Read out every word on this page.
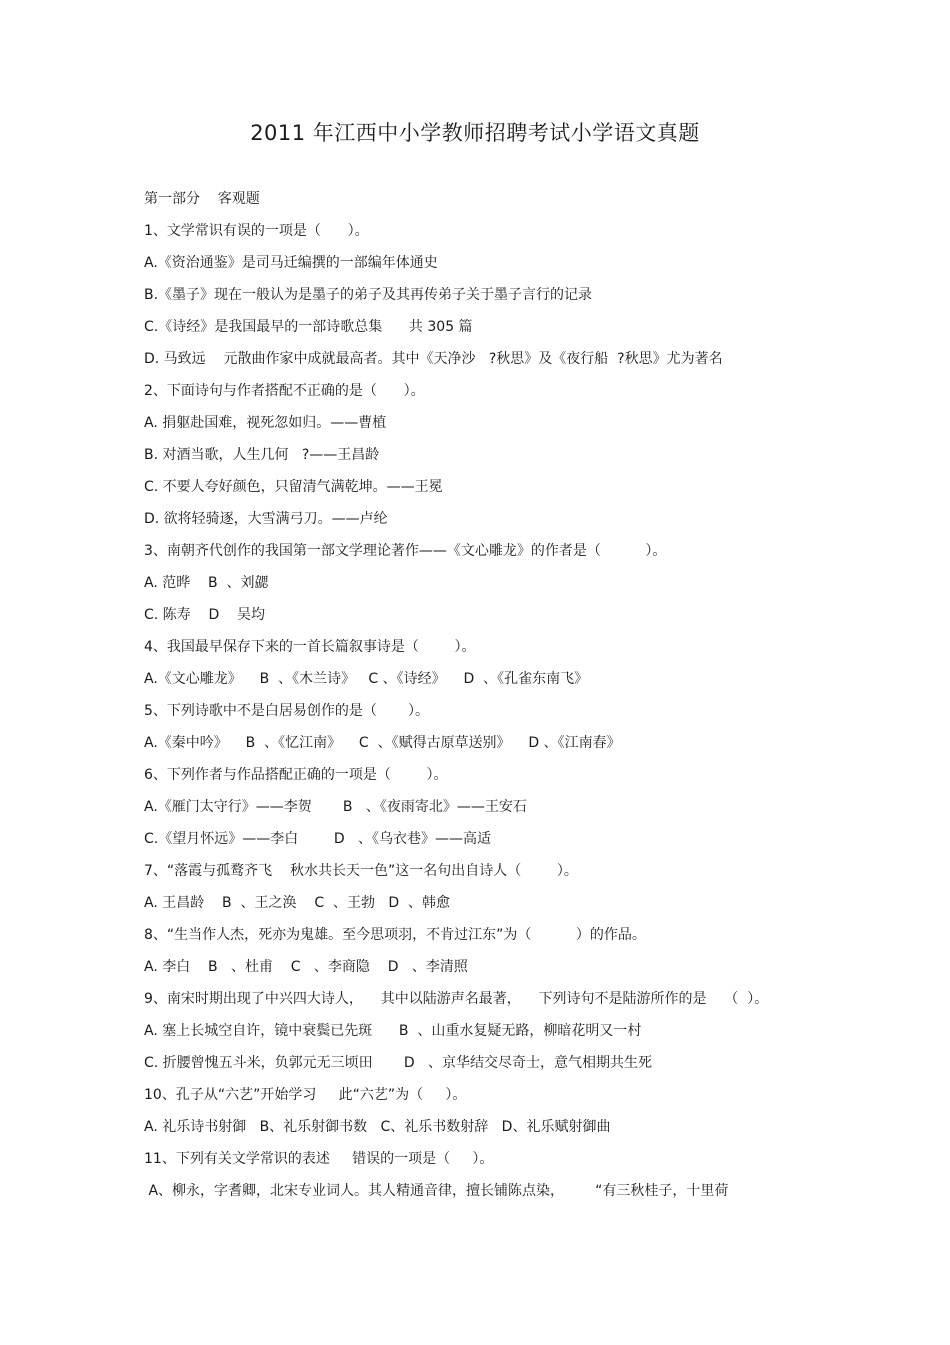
2011 年江西中小学教师招聘考试小学语文真题
第一部分    客观题
1、文学常识有误的一项是（      ）。
A.《资治通鉴》是司马迁编撰的一部编年体通史
B.《墨子》现在一般认为是墨子的弟子及其再传弟子关于墨子言行的记录
C.《诗经》是我国最早的一部诗歌总集      共 305 篇
D. 马致远    元散曲作家中成就最高者。其中《天净沙   ?秋思》及《夜行船  ?秋思》尤为著名
2、下面诗句与作者搭配不正确的是（      ）。
A. 捐躯赴国难，视死忽如归。——曹植
B. 对酒当歌，人生几何   ?——王昌龄
C. 不要人夸好颜色，只留清气满乾坤。——王冕
D. 欲将轻骑逐，大雪满弓刀。——卢纶
3、南朝齐代创作的我国第一部文学理论著作——《文心雕龙》的作者是（          ）。
A. 范晔    B  、刘勰
C. 陈寿    D    吴均
4、我国最早保存下来的一首长篇叙事诗是（        ）。
A.《文心雕龙》    B  、《木兰诗》   C 、《诗经》    D  、《孔雀东南飞》
5、下列诗歌中不是白居易创作的是（       ）。
A.《秦中吟》    B  、《忆江南》    C  、《赋得古原草送别》    D 、《江南春》
6、下列作者与作品搭配正确的一项是（        ）。
A.《雁门太守行》——李贺       B   、《夜雨寄北》——王安石
C.《望月怀远》——李白        D   、《乌衣巷》——高适
7、“落霞与孤鹜齐飞    秋水共长天一色”这一名句出自诗人（        ）。
A. 王昌龄    B  、王之涣    C  、王勃   D  、韩愈
8、“生当作人杰，死亦为鬼雄。至今思项羽，不肯过江东”为（          ）的作品。
A. 李白    B   、杜甫    C   、李商隐    D   、李清照
9、南宋时期出现了中兴四大诗人，    其中以陆游声名最著，    下列诗句不是陆游所作的是    （  ）。
A. 塞上长城空自许，镜中衰鬓已先斑      B  、山重水复疑无路，柳暗花明又一村
C. 折腰曾愧五斗米，负郭元无三顷田       D   、京华结交尽奇士，意气相期共生死
10、孔子从“六艺”开始学习     此“六艺”为（     ）。
A. 礼乐诗书射御   B、礼乐射御书数   C、礼乐书数射辞   D、礼乐赋射御曲
11、下列有关文学常识的表述     错误的一项是（     ）。
A、柳永，字耆卿，北宋专业词人。其人精通音律，擅长铺陈点染，       “有三秋桂子，十里荷
